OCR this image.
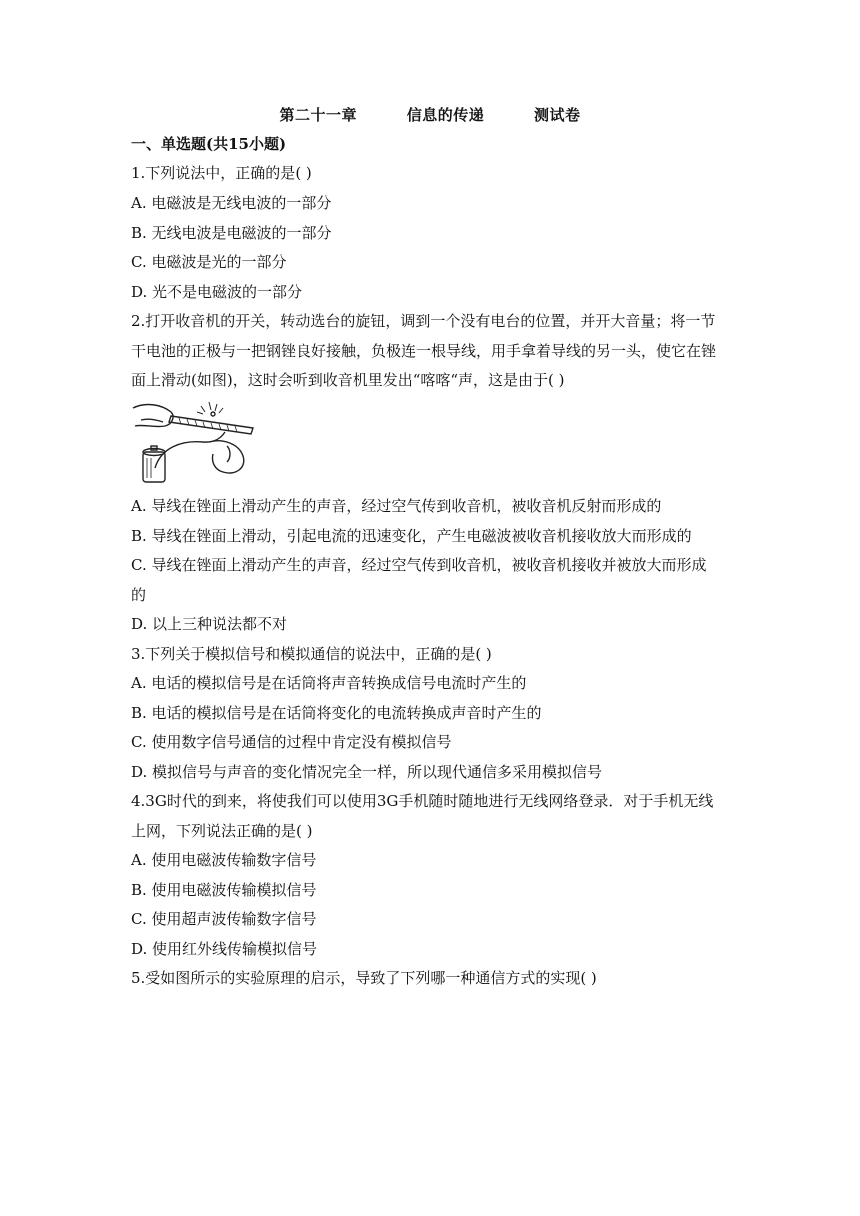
第二十一章	信息的传递	测试卷
一、单选题(共15小题)
1.下列说法中，正确的是( )
A. 电磁波是无线电波的一部分
B. 无线电波是电磁波的一部分
C. 电磁波是光的一部分
D. 光不是电磁波的一部分
2.打开收音机的开关，转动选台的旋钮，调到一个没有电台的位置，并开大音量；将一节
干电池的正极与一把钢锉良好接触，负极连一根导线，用手拿着导线的另一头，使它在锉
面上滑动(如图)，这时会听到收音机里发出“喀喀“声，这是由于( )
A. 导线在锉面上滑动产生的声音，经过空气传到收音机，被收音机反射而形成的
B. 导线在锉面上滑动，引起电流的迅速变化，产生电磁波被收音机接收放大而形成的
C. 导线在锉面上滑动产生的声音，经过空气传到收音机，被收音机接收并被放大而形成
的
D. 以上三种说法都不对
3.下列关于模拟信号和模拟通信的说法中，正确的是( )
A. 电话的模拟信号是在话筒将声音转换成信号电流时产生的
B. 电话的模拟信号是在话筒将变化的电流转换成声音时产生的
C. 使用数字信号通信的过程中肯定没有模拟信号
D. 模拟信号与声音的变化情况完全一样，所以现代通信多采用模拟信号
4.3G时代的到来，将使我们可以使用3G手机随时随地进行无线网络登录．对于手机无线
上网，下列说法正确的是( )
A. 使用电磁波传输数字信号
B. 使用电磁波传输模拟信号
C. 使用超声波传输数字信号
D. 使用红外线传输模拟信号
5.受如图所示的实验原理的启示，导致了下列哪一种通信方式的实现( )
